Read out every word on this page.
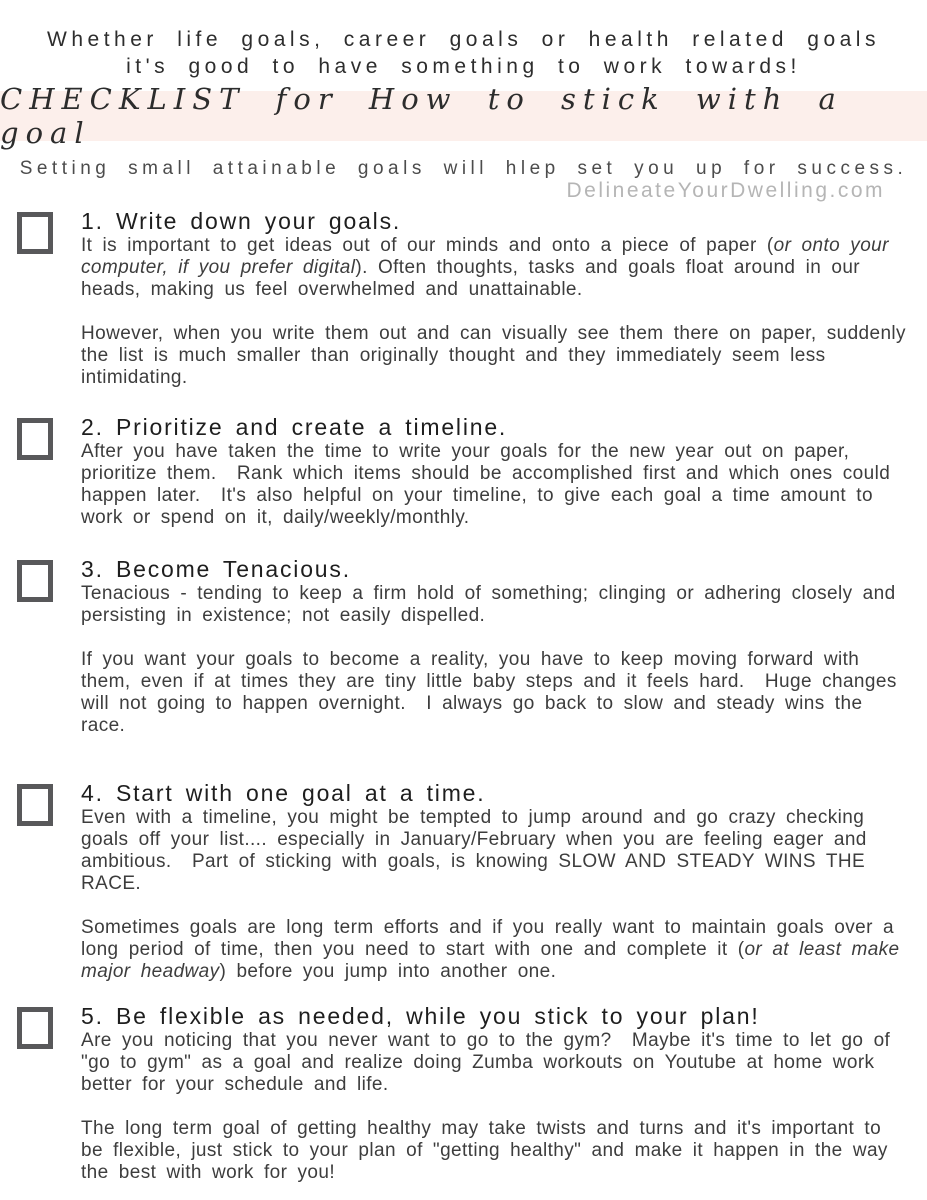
Whether life goals, career goals or health related goals
it's good to have something to work towards!
CHECKLIST for How to stick with a goal
Setting small attainable goals will hlep set you up for success.
DelineateYourDwelling.com
1. Write down your goals.

It is important to get ideas out of our minds and onto a piece of paper (or onto your computer, if you prefer digital). Often thoughts, tasks and goals float around in our heads, making us feel overwhelmed and unattainable.

However, when you write them out and can visually see them there on paper, suddenly the list is much smaller than originally thought and they immediately seem less intimidating.

2. Prioritize and create a timeline.

After you have taken the time to write your goals for the new year out on paper, prioritize them.  Rank which items should be accomplished first and which ones could happen later.  It's also helpful on your timeline, to give each goal a time amount to work or spend on it, daily/weekly/monthly.

3. Become Tenacious.

Tenacious - tending to keep a firm hold of something; clinging or adhering closely and persisting in existence; not easily dispelled.

If you want your goals to become a reality, you have to keep moving forward with them, even if at times they are tiny little baby steps and it feels hard.  Huge changes will not going to happen overnight.  I always go back to slow and steady wins the race.

4. Start with one goal at a time.

Even with a timeline, you might be tempted to jump around and go crazy checking goals off your list.... especially in January/February when you are feeling eager and ambitious.  Part of sticking with goals, is knowing SLOW AND STEADY WINS THE RACE.

Sometimes goals are long term efforts and if you really want to maintain goals over a long period of time, then you need to start with one and complete it (or at least make major headway) before you jump into another one.

5. Be flexible as needed, while you stick to your plan!

Are you noticing that you never want to go to the gym?  Maybe it's time to let go of "go to gym" as a goal and realize doing Zumba workouts on Youtube at home work better for your schedule and life.

The long term goal of getting healthy may take twists and turns and it's important to be flexible, just stick to your plan of "getting healthy" and make it happen in the way the best with work for you!
